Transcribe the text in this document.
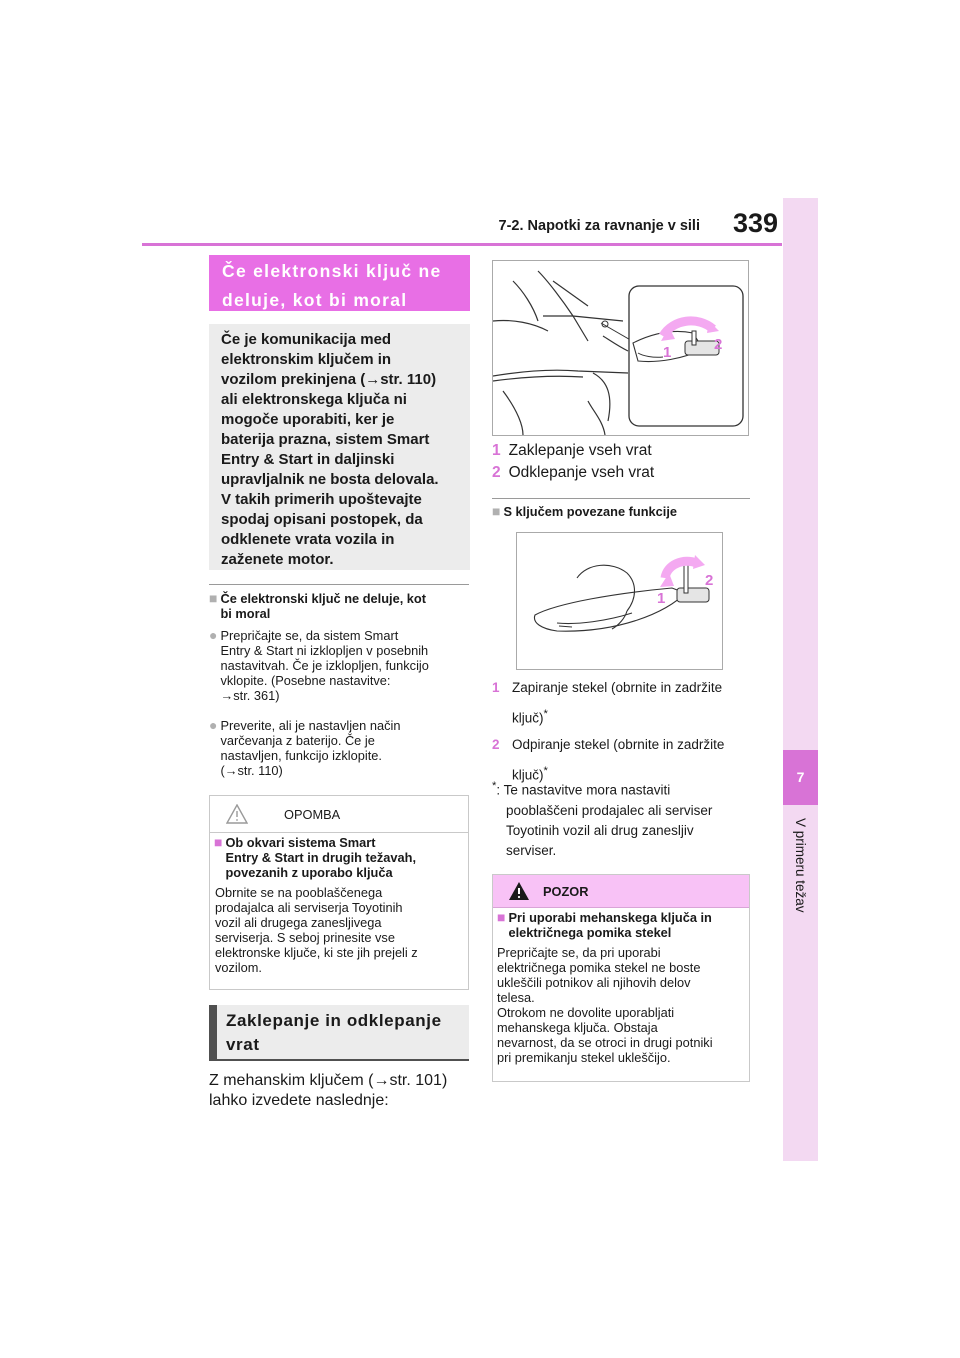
7-2. Napotki za ravnanje v sili	339
7
V primeru težav
Če elektronski ključ ne
deluje, kot bi moral
Če je komunikacija med
elektronskim ključem in
vozilom prekinjena (→str. 110)
ali elektronskega ključa ni
mogoče uporabiti, ker je
baterija prazna, sistem Smart
Entry & Start in daljinski
upravljalnik ne bosta delovala.
V takih primerih upoštevajte
spodaj opisani postopek, da
odklenete vrata vozila in
zaženete motor.
■ Če elektronski ključ ne deluje, kot
bi moral
● Prepričajte se, da sistem Smart
Entry & Start ni izklopljen v posebnih
nastavitvah. Če je izklopljen, funkcijo
vklopite. (Posebne nastavitve:
→str. 361)
● Preverite, ali je nastavljen način
varčevanja z baterijo. Če je
nastavljen, funkcijo izklopite.
(→str. 110)
OPOMBA
■ Ob okvari sistema Smart
Entry & Start in drugih težavah,
povezanih z uporabo ključa
Obrnite se na pooblaščenega
prodajalca ali serviserja Toyotinih
vozil ali drugega zanesljivega
serviserja. S seboj prinesite vse
elektronske ključe, ki ste jih prejeli z
vozilom.
Zaklepanje in odklepanje
vrat
Z mehanskim ključem (→str. 101)
lahko izvedete naslednje:
1	2
1 Zaklepanje vseh vrat
2 Odklepanje vseh vrat
■ S ključem povezane funkcije
1
2
1 Zapiranje stekel (obrnite in zadržite
ključ)*
2 Odpiranje stekel (obrnite in zadržite
ključ)*
*: Te nastavitve mora nastaviti
pooblaščeni prodajalec ali serviser
Toyotinih vozil ali drug zanesljiv
serviser.
POZOR
■ Pri uporabi mehanskega ključa in
električnega pomika stekel
Prepričajte se, da pri uporabi
električnega pomika stekel ne boste
ukleščili potnikov ali njihovih delov
telesa.
Otrokom ne dovolite uporabljati
mehanskega ključa. Obstaja
nevarnost, da se otroci in drugi potniki
pri premikanju stekel ukleščijo.
